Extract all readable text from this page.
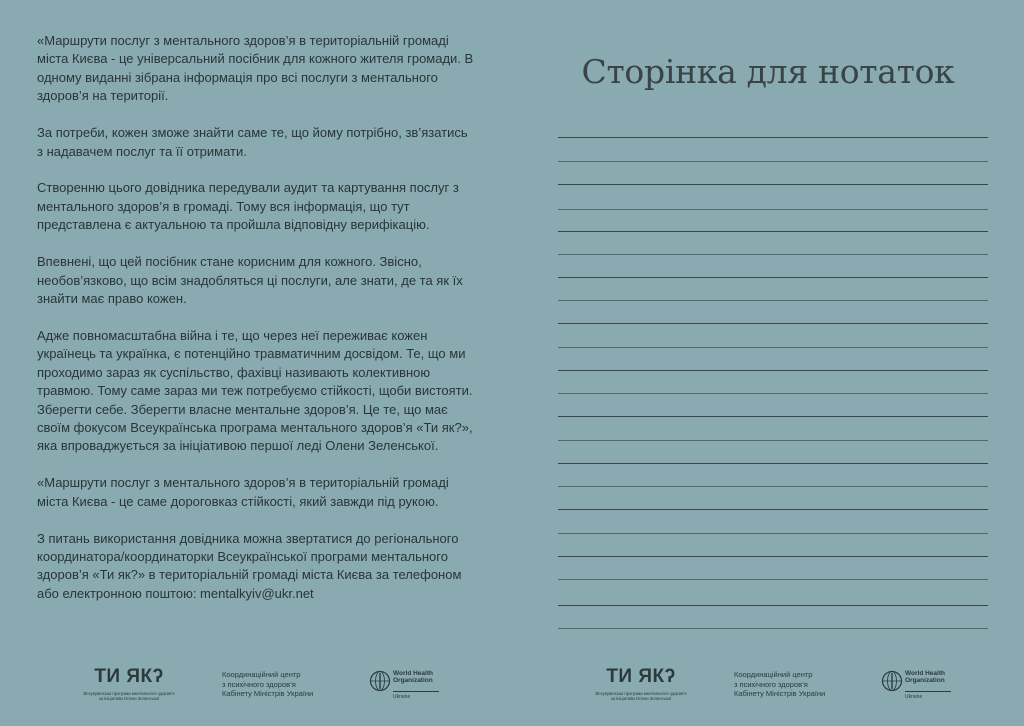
«Маршрути послуг з ментального здоров’я в територіальній громаді міста Києва - це універсальний посібник для кожного жителя громади. В одному виданні зібрана інформація про всі послуги з ментального здоров’я на території.

За потреби, кожен зможе знайти саме те, що йому потрібно, зв’язатись з надавачем послуг та її отримати.

Створенню цього довідника передували аудит та картування послуг з ментального здоров’я в громаді. Тому вся інформація, що тут представлена є актуальною та пройшла відповідну верифікацію.

Впевнені, що цей посібник стане корисним для кожного. Звісно, необов’язково, що всім знадобляться ці послуги, але знати, де та як їх знайти має право кожен.

Адже повномасштабна війна і те, що через неї переживає кожен українець та українка, є потенційно травматичним досвідом. Те, що ми проходимо зараз як суспільство, фахівці називають колективною травмою. Тому саме зараз ми теж потребуємо стійкості, щоби вистояти. Зберегти себе. Зберегти власне ментальне здоров’я. Це те, що має своїм фокусом Всеукраїнська програма ментального здоров’я «Ти як?», яка впроваджується за ініціативою першої леді Олени Зеленської.

«Маршрути послуг з ментального здоров’я в територіальній громаді міста Києва - це саме дороговказ стійкості, який завжди під рукою.

З питань використання довідника можна звертатися до регіонального координатора/координаторки Всеукраїнської програми ментального здоров’я «Ти як?» в територіальній громаді міста Києва за телефоном або електронною поштою: mentalkyiv@ukr.net

ТИ ЯКʔ
Всеукраїнська програма ментального здоров’я
за ініціативи Олени Зеленської
Координаційний центр
з психічного здоров’я
Кабінету Міністрів України
World Health
Organization
Ukraine
Сторінка для нотаток
ТИ ЯКʔ
Всеукраїнська програма ментального здоров’я
за ініціативи Олени Зеленської
Координаційний центр
з психічного здоров’я
Кабінету Міністрів України
World Health
Organization
Ukraine
